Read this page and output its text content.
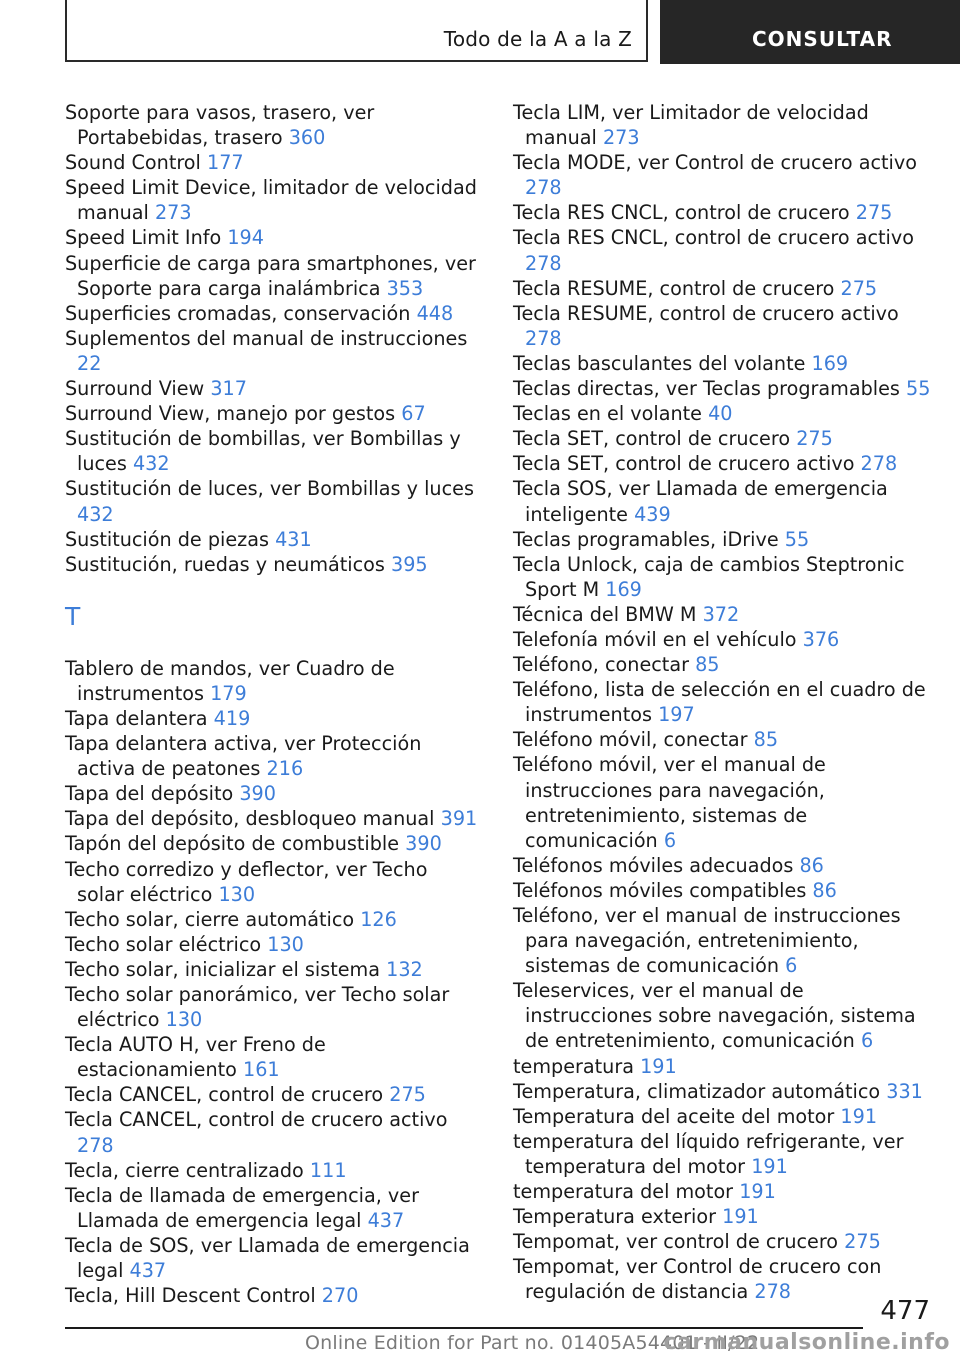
Todo de la A a la Z	CONSULTAR
Soporte para vasos, trasero, ver Portabebidas, trasero 360
Sound Control 177
Speed Limit Device, limitador de velocidad manual 273
Speed Limit Info 194
Superficie de carga para smartphones, ver Soporte para carga inalámbrica 353
Superficies cromadas, conservación 448
Suplementos del manual de instrucciones 22
Surround View 317
Surround View, manejo por gestos 67
Sustitución de bombillas, ver Bombillas y luces 432
Sustitución de luces, ver Bombillas y luces 432
Sustitución de piezas 431
Sustitución, ruedas y neumáticos 395
T
Tablero de mandos, ver Cuadro de instrumentos 179
Tapa delantera 419
Tapa delantera activa, ver Protección activa de peatones 216
Tapa del depósito 390
Tapa del depósito, desbloqueo manual 391
Tapón del depósito de combustible 390
Techo corredizo y deflector, ver Techo solar eléctrico 130
Techo solar, cierre automático 126
Techo solar eléctrico 130
Techo solar, inicializar el sistema 132
Techo solar panorámico, ver Techo solar eléctrico 130
Tecla AUTO H, ver Freno de estacionamiento 161
Tecla CANCEL, control de crucero 275
Tecla CANCEL, control de crucero activo 278
Tecla, cierre centralizado 111
Tecla de llamada de emergencia, ver Llamada de emergencia legal 437
Tecla de SOS, ver Llamada de emergencia legal 437
Tecla, Hill Descent Control 270
Tecla LIM, ver Limitador de velocidad manual 273
Tecla MODE, ver Control de crucero activo 278
Tecla RES CNCL, control de crucero 275
Tecla RES CNCL, control de crucero activo 278
Tecla RESUME, control de crucero 275
Tecla RESUME, control de crucero activo 278
Teclas basculantes del volante 169
Teclas directas, ver Teclas programables 55
Teclas en el volante 40
Tecla SET, control de crucero 275
Tecla SET, control de crucero activo 278
Tecla SOS, ver Llamada de emergencia inteligente 439
Teclas programables, iDrive 55
Tecla Unlock, caja de cambios Steptronic Sport M 169
Técnica del BMW M 372
Telefonía móvil en el vehículo 376
Teléfono, conectar 85
Teléfono, lista de selección en el cuadro de instrumentos 197
Teléfono móvil, conectar 85
Teléfono móvil, ver el manual de instrucciones para navegación, entretenimiento, sistemas de comunicación 6
Teléfonos móviles adecuados 86
Teléfonos móviles compatibles 86
Teléfono, ver el manual de instrucciones para navegación, entretenimiento, sistemas de comunicación 6
Teleservices, ver el manual de instrucciones sobre navegación, sistema de entretenimiento, comunicación 6
temperatura 191
Temperatura, climatizador automático 331
Temperatura del aceite del motor 191
temperatura del líquido refrigerante, ver temperatura del motor 191
temperatura del motor 191
Temperatura exterior 191
Tempomat, ver control de crucero 275
Tempomat, ver Control de crucero con regulación de distancia 278
477
Online Edition for Part no. 01405A54401 - II/22
carmanualsonline.info
